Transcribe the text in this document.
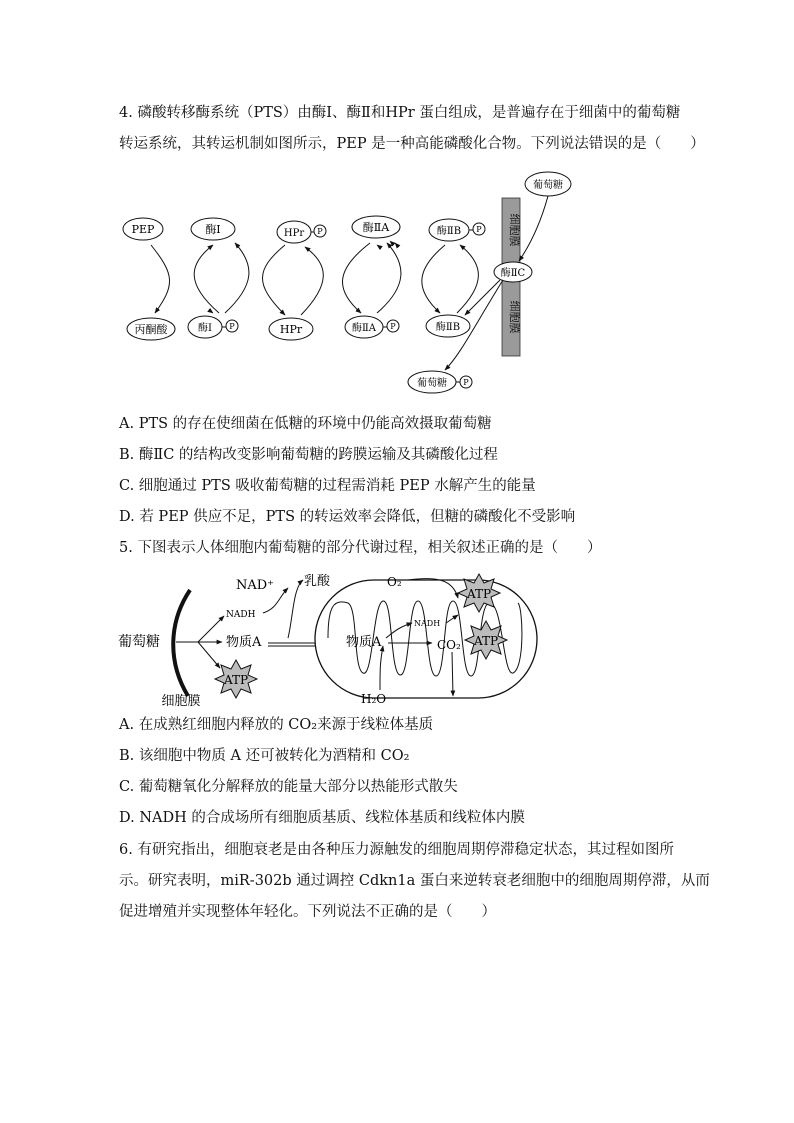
4. 磷酸转移酶系统（PTS）由酶Ⅰ、酶Ⅱ和HPr 蛋白组成，是普遍存在于细菌中的葡萄糖
转运系统，其转运机制如图所示，PEP 是一种高能磷酸化合物。下列说法错误的是（　　）
细胞膜
细胞膜
PEP	酶Ⅰ	HPr P	酶ⅡA	酶ⅡB P
葡萄糖
酶ⅡC
丙酮酸	酶Ⅰ P	HPr	酶ⅡA P	酶ⅡB
葡萄糖 P
A. PTS 的存在使细菌在低糖的环境中仍能高效摄取葡萄糖
B. 酶ⅡC 的结构改变影响葡萄糖的跨膜运输及其磷酸化过程
C. 细胞通过 PTS 吸收葡萄糖的过程需消耗 PEP 水解产生的能量
D. 若 PEP 供应不足，PTS 的转运效率会降低，但糖的磷酸化不受影响
5. 下图表示人体细胞内葡萄糖的部分代谢过程，相关叙述正确的是（　　）
细胞膜
葡萄糖	物质A
NADH
NAD⁺ 乳酸
物质A
NADH
CO₂
O₂
H₂O
ATP
ATP
ATP
A. 在成熟红细胞内释放的 CO₂来源于线粒体基质
B. 该细胞中物质 A 还可被转化为酒精和 CO₂
C. 葡萄糖氧化分解释放的能量大部分以热能形式散失
D. NADH 的合成场所有细胞质基质、线粒体基质和线粒体内膜
6. 有研究指出，细胞衰老是由各种压力源触发的细胞周期停滞稳定状态，其过程如图所
示。研究表明，miR-302b 通过调控 Cdkn1a 蛋白来逆转衰老细胞中的细胞周期停滞，从而
促进增殖并实现整体年轻化。下列说法不正确的是（　　）
